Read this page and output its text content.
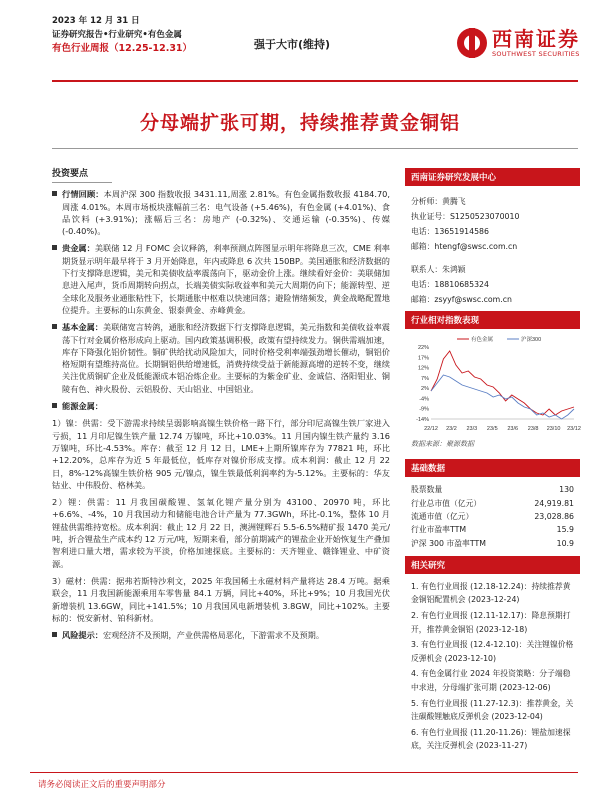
2023 年 12 月 31 日
证券研究报告•行业研究•有色金属
有色行业周报（12.25-12.31）	强于大市(维持)	西南证券
SOUTHWEST SECURITIES
分母端扩张可期，持续推荐黄金铜铝
投资要点
行情回顾：本周沪深 300 指数收报 3431.11,周涨 2.81%。有色金属指数收报 4184.70,周涨 4.01%。本周市场板块涨幅前三名：电气设备 (+5.46%)，有色金属 (+4.01%)、食品饮料 (+3.91%)；涨幅后三名：房地产 (-0.32%)、交通运输 (-0.35%)、传媒 (-0.40%)。
贵金属：美联储 12 月 FOMC 会议释鸽，利率预测点阵图显示明年将降息三次，CME 利率期货显示明年最早将于 3 月开始降息，年内或降息 6 次共 150BP。美国通胀和经济数据的下行支撑降息逻辑，美元和美债收益率震荡向下，驱动金价上涨。继续看好金价：美联储加息进入尾声，货币周期转向拐点，长端美债实际收益率和美元大周期仍向下；能源转型、逆全球化及服务业通胀粘性下，长期通胀中枢难以快速回落；避险情绪频发，黄金战略配置地位提升。主要标的山东黄金、银泰黄金、赤峰黄金。
基本金属：美联储宽言转鸽，通胀和经济数据下行支撑降息逻辑，美元指数和美债收益率震荡下行对金属价格形成向上驱动。国内政策基调积极，政策有望持续发力。铜供需端加速，库存下降强化铝价韧性。铜矿供给扰动风险加大，同时价格受利率端强劲增长催动，铜铝价格短期有望维持高位。长期铜铝供给增速低，消费持续受益于新能源高增的逆转不变，继续关注优质铜矿企业及低能源成本铝冶炼企业。主要标的为紫金矿业、金诚信、洛阳钼业、铜陵有色、神火股份、云铝股份、天山铝业、中国铝业。
能源金属：
1）镍：供需：受下游需求持续呈弱影响高镍生铁价格一路下行，部分印尼高镍生铁厂家进入亏损，11 月印尼镍生铁产量 12.74 万镍吨，环比+10.03%。11 月国内镍生铁产量约 3.16 万镍吨，环比-4.53%。库存：截至 12 月 12 日，LME+上期所镍库存为 77821 吨，环比+12.20%，总库存为近 5 年最低位，低库存对镍价形成支撑。成本利润：截止 12 月 22 日，8%-12%高镍生铁价格 905 元/镍点，镍生铁最低利润率约为-5.12%。主要标的：华友钴业、中伟股份、格林美。
2）锂：供需：11 月我国碳酸锂、氢氧化锂产量分别为 43100、20970 吨，环比+6.6%、-4%，10 月我国动力和储能电池合计产量为 77.3GWh，环比-0.1%，整体 10 月锂盐供需维持宽松。成本利润：截止 12 月 22 日，澳洲锂辉石 5.5-6.5%精矿报 1470 美元/吨，折合锂盐生产成本约 12 万元/吨，短期来看，部分前期减产的锂盐企业开始恢复生产叠加智利进口量大增，需求较为平淡，价格加速探底。主要标的：天齐锂业、赣锋锂业、中矿资源。
3）磁材：供需：据弗若斯特沙利文，2025 年我国稀土永磁材料产量将达 28.4 万吨。据乘联会，11 月我国新能源乘用车零售量 84.1 万辆，同比+40%，环比+9%；10 月我国光伏新增装机 13.6GW，同比+141.5%；10 月我国风电新增装机 3.8GW，同比+102%。主要标的：悦安新材、铂科新材。
风险提示：宏观经济不及预期，产业供需格局恶化，下游需求不及预期。
西南证券研究发展中心
分析师：黄腾飞
执业证号：S1250523070010
电话：13651914586
邮箱：htengf@swsc.com.cn
联系人：朱鸿颖
电话：18810685324
邮箱：zsyyf@swsc.com.cn
行业相对指数表现
22%
17%
12%
7%
2%
-4%
-9%
-14%
22/12 23/2 23/3 23/5 23/6 23/8 23/10 23/12
有色金属	沪深300
数据来源：聚源数据
基础数据
股票数量	130
行业总市值（亿元）	24,919.81
流通市值（亿元）	23,028.86
行业市盈率TTM	15.9
沪深 300 市盈率TTM	10.9
相关研究
1. 有色行业周报 (12.18-12.24)：持续推荐黄金铜铝配置机会 (2023-12-24)
2. 有色行业周报 (12.11-12.17)：降息预期打开，推荐黄金铜铝 (2023-12-18)
3. 有色行业周报 (12.4-12.10)：关注锂镍价格反弹机会 (2023-12-10)
4. 有色金属行业 2024 年投资策略：分子端稳中求进，分母端扩张可期 (2023-12-06)
5. 有色行业周报 (11.27-12.3)：推荐黄金，关注碳酸锂触底反弹机会 (2023-12-04)
6. 有色行业周报 (11.20-11.26)：锂盐加速探底，关注反弹机会 (2023-11-27)
请务必阅读正文后的重要声明部分
